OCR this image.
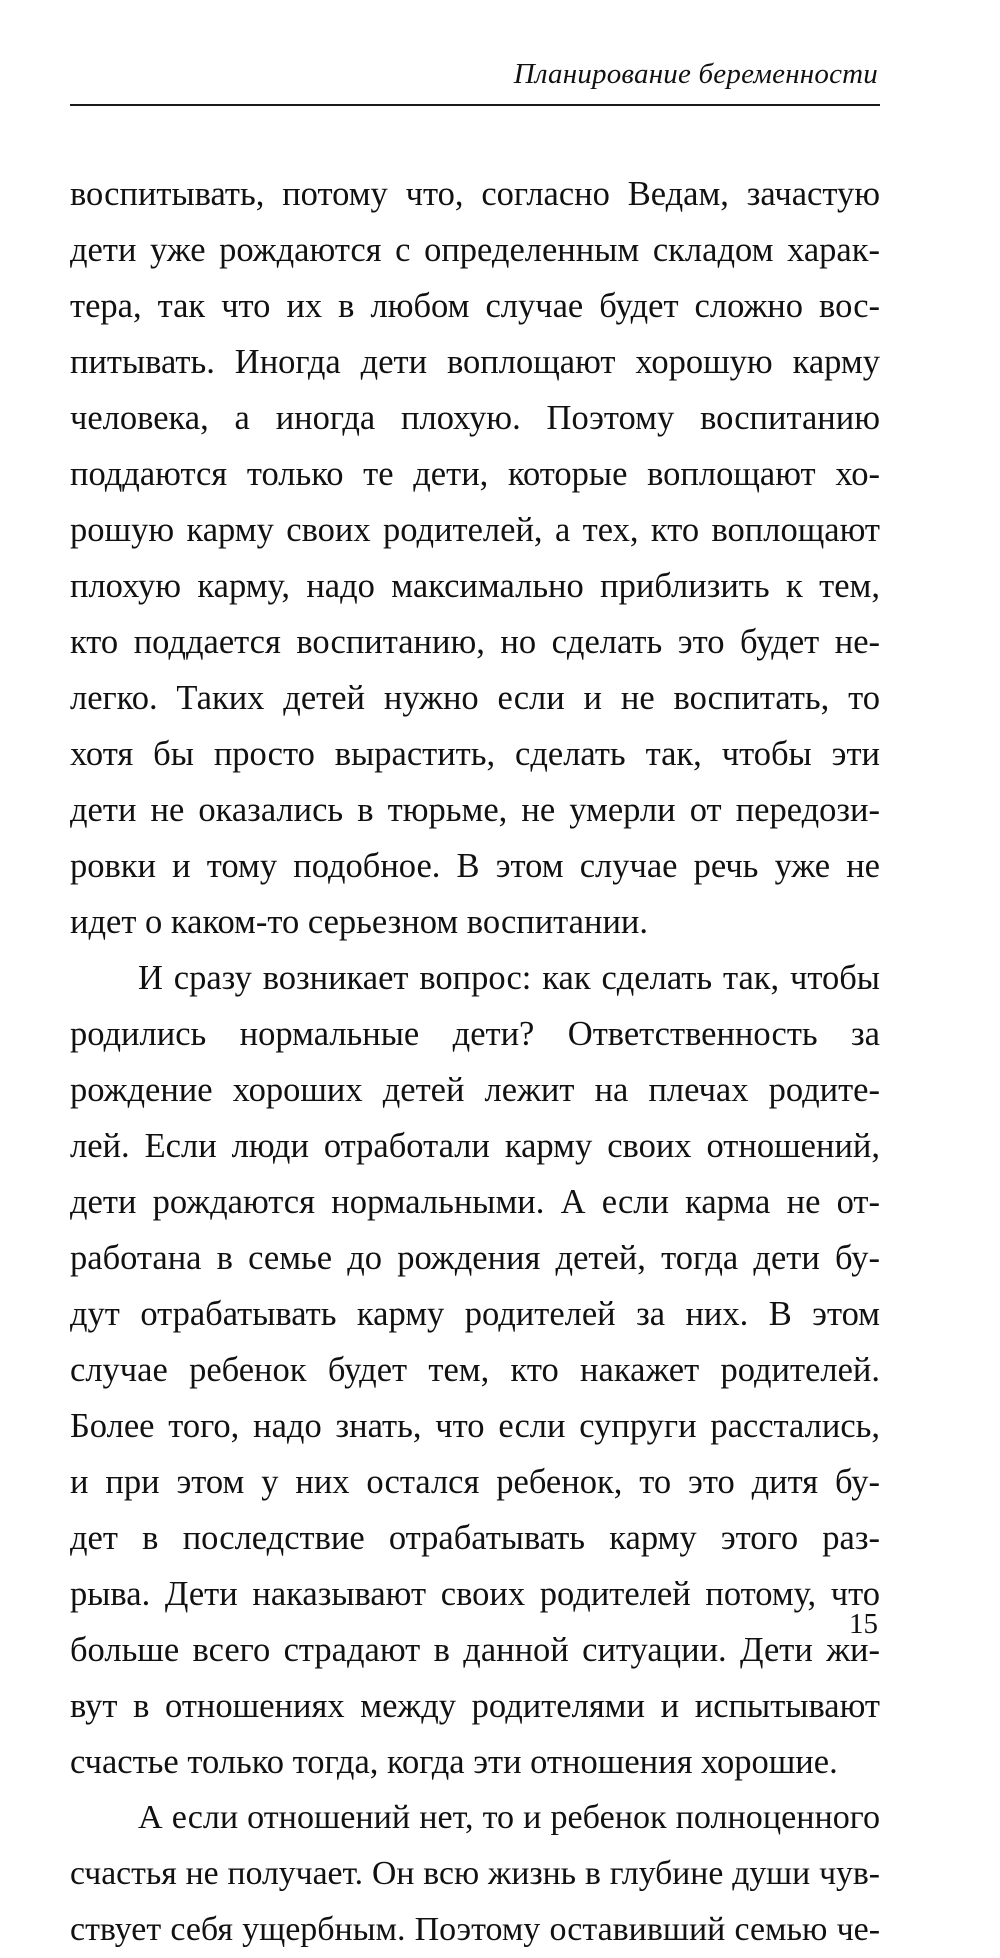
Планирование беременности
воспитывать, потому что, согласно Ведам, зачастую
дети уже рождаются с определенным складом харак-
тера, так что их в любом случае будет сложно вос-
питывать. Иногда дети воплощают хорошую карму
человека, а иногда плохую. Поэтому воспитанию
поддаются только те дети, которые воплощают хо-
рошую карму своих родителей, а тех, кто воплощают
плохую карму, надо максимально приблизить к тем,
кто поддается воспитанию, но сделать это будет не-
легко. Таких детей нужно если и не воспитать, то
хотя бы просто вырастить, сделать так, чтобы эти
дети не оказались в тюрьме, не умерли от передози-
ровки и тому подобное. В этом случае речь уже не
идет о каком-то серьезном воспитании.
И сразу возникает вопрос: как сделать так, чтобы
родились нормальные дети? Ответственность за
рождение хороших детей лежит на плечах родите-
лей. Если люди отработали карму своих отношений,
дети рождаются нормальными. А если карма не от-
работана в семье до рождения детей, тогда дети бу-
дут отрабатывать карму родителей за них. В этом
случае ребенок будет тем, кто накажет родителей.
Более того, надо знать, что если супруги расстались,
и при этом у них остался ребенок, то это дитя бу-
дет в последствие отрабатывать карму этого раз-
рыва. Дети наказывают своих родителей потому, что
больше всего страдают в данной ситуации. Дети жи-
вут в отношениях между родителями и испытывают
счастье только тогда, когда эти отношения хорошие.
А если отношений нет, то и ребенок полноценного
счастья не получает. Он всю жизнь в глубине души чув-
ствует себя ущербным. Поэтому оставивший семью че-
15
